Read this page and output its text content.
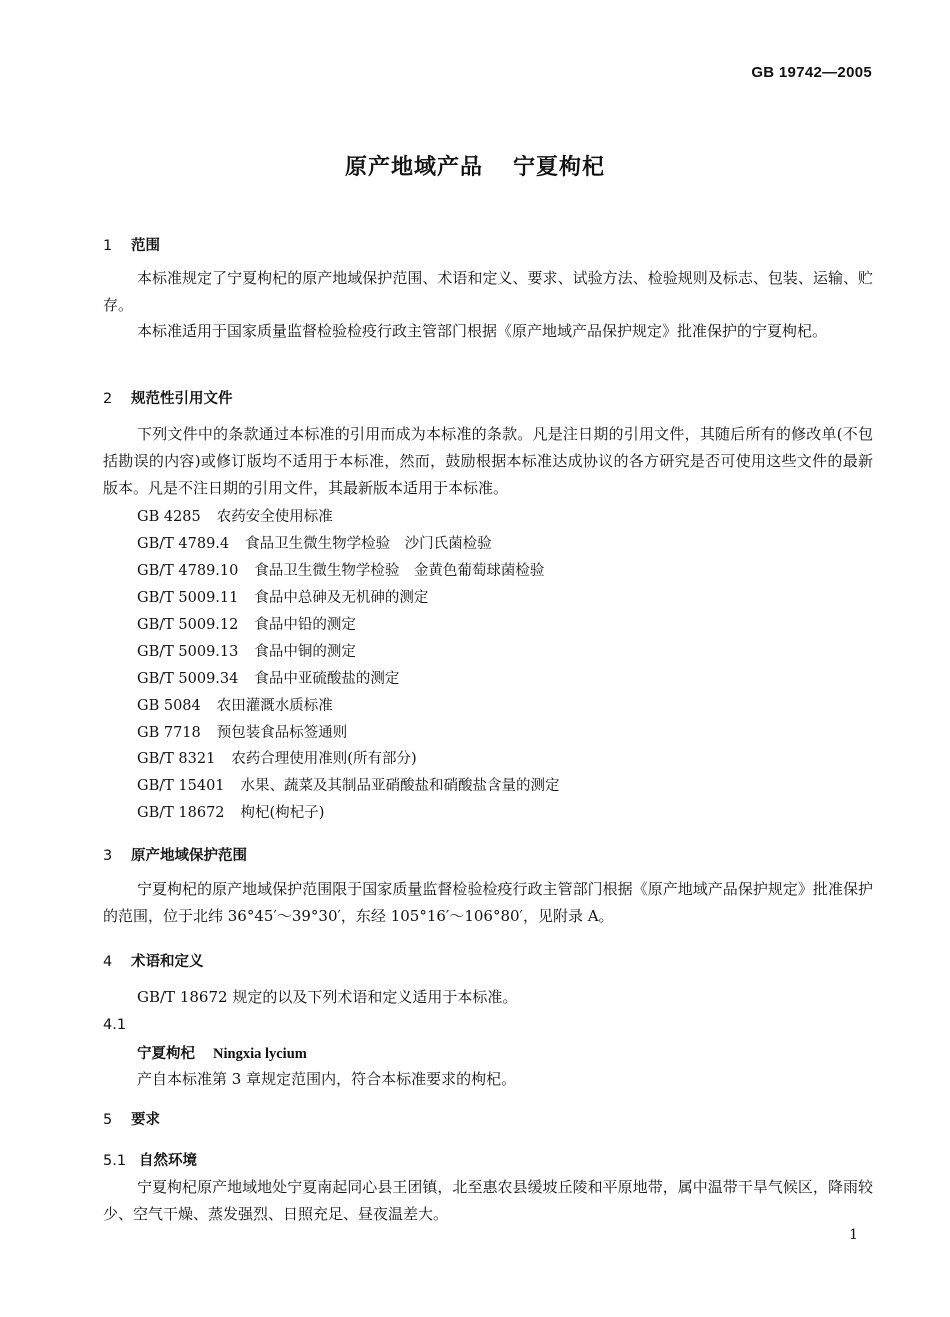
GB 19742—2005
原产地域产品 宁夏枸杞
1 范围
本标准规定了宁夏枸杞的原产地域保护范围、术语和定义、要求、试验方法、检验规则及标志、包装、运输、贮存。
本标准适用于国家质量监督检验检疫行政主管部门根据《原产地域产品保护规定》批准保护的宁夏枸杞。
2 规范性引用文件
下列文件中的条款通过本标准的引用而成为本标准的条款。凡是注日期的引用文件，其随后所有的修改单(不包括勘误的内容)或修订版均不适用于本标准，然而，鼓励根据本标准达成协议的各方研究是否可使用这些文件的最新版本。凡是不注日期的引用文件，其最新版本适用于本标准。
GB 4285 农药安全使用标准
GB/T 4789.4 食品卫生微生物学检验　沙门氏菌检验
GB/T 4789.10 食品卫生微生物学检验　金黄色葡萄球菌检验
GB/T 5009.11 食品中总砷及无机砷的测定
GB/T 5009.12 食品中铅的测定
GB/T 5009.13 食品中铜的测定
GB/T 5009.34 食品中亚硫酸盐的测定
GB 5084 农田灌溉水质标准
GB 7718 预包装食品标签通则
GB/T 8321 农药合理使用准则(所有部分)
GB/T 15401 水果、蔬菜及其制品亚硝酸盐和硝酸盐含量的测定
GB/T 18672 枸杞(枸杞子)
3 原产地域保护范围
宁夏枸杞的原产地域保护范围限于国家质量监督检验检疫行政主管部门根据《原产地域产品保护规定》批准保护的范围，位于北纬 36°45′～39°30′，东经 105°16′～106°80′，见附录 A。
4 术语和定义
GB/T 18672 规定的以及下列术语和定义适用于本标准。
4.1
宁夏枸杞 Ningxia lycium
产自本标准第 3 章规定范围内，符合本标准要求的枸杞。
5 要求
5.1 自然环境
宁夏枸杞原产地域地处宁夏南起同心县王团镇，北至惠农县缓坡丘陵和平原地带，属中温带干旱气候区，降雨较少、空气干燥、蒸发强烈、日照充足、昼夜温差大。
1
